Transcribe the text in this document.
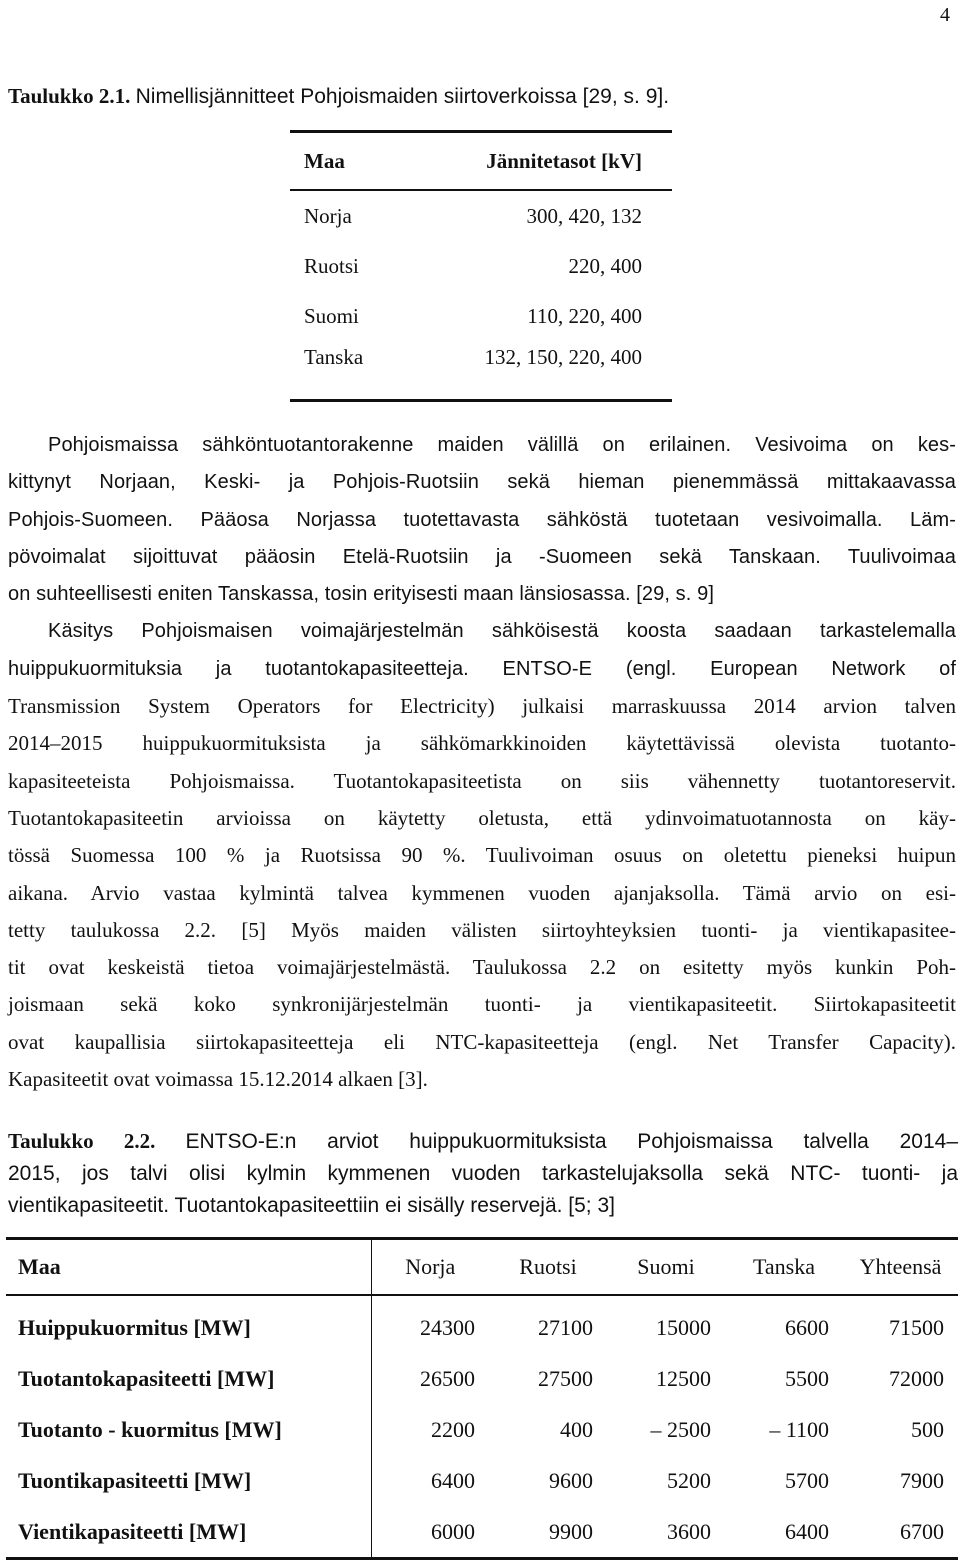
4
Taulukko 2.1. Nimellisjännitteet Pohjoismaiden siirtoverkoissa [29, s. 9].
Maa	Jännitetasot [kV]
Norja	300, 420, 132
Ruotsi	220, 400
Suomi	110, 220, 400
Tanska	132, 150, 220, 400
Pohjoismaissa sähköntuotantorakenne maiden välillä on erilainen. Vesivoima on kes-
kittynyt Norjaan, Keski- ja Pohjois-Ruotsiin sekä hieman pienemmässä mittakaavassa
Pohjois-Suomeen. Pääosa Norjassa tuotettavasta sähköstä tuotetaan vesivoimalla. Läm-
pövoimalat sijoittuvat pääosin Etelä-Ruotsiin ja -Suomeen sekä Tanskaan. Tuulivoimaa
on suhteellisesti eniten Tanskassa, tosin erityisesti maan länsiosassa. [29, s. 9]
Käsitys Pohjoismaisen voimajärjestelmän sähköisestä koosta saadaan tarkastelemalla
huippukuormituksia ja tuotantokapasiteetteja. ENTSO-E (engl. European Network of
Transmission System Operators for Electricity) julkaisi marraskuussa 2014 arvion talven
2014–2015 huippukuormituksista ja sähkömarkkinoiden käytettävissä olevista tuotanto-
kapasiteeteista Pohjoismaissa. Tuotantokapasiteetista on siis vähennetty tuotantoreservit.
Tuotantokapasiteetin arvioissa on käytetty oletusta, että ydinvoimatuotannosta on käy-
tössä Suomessa 100 % ja Ruotsissa 90 %. Tuulivoiman osuus on oletettu pieneksi huipun
aikana. Arvio vastaa kylmintä talvea kymmenen vuoden ajanjaksolla. Tämä arvio on esi-
tetty taulukossa 2.2. [5] Myös maiden välisten siirtoyhteyksien tuonti- ja vientikapasitee-
tit ovat keskeistä tietoa voimajärjestelmästä. Taulukossa 2.2 on esitetty myös kunkin Poh-
joismaan sekä koko synkronijärjestelmän tuonti- ja vientikapasiteetit. Siirtokapasiteetit
ovat kaupallisia siirtokapasiteetteja eli NTC-kapasiteetteja (engl. Net Transfer Capacity).
Kapasiteetit ovat voimassa 15.12.2014 alkaen [3].
Taulukko 2.2. ENTSO-E:n arviot huippukuormituksista Pohjoismaissa talvella 2014–
2015, jos talvi olisi kylmin kymmenen vuoden tarkastelujaksolla sekä NTC- tuonti- ja
vientikapasiteetit. Tuotantokapasiteettiin ei sisälly reservejä. [5; 3]
Maa	Norja	Ruotsi	Suomi	Tanska	Yhteensä
Huippukuormitus [MW]	24300	27100	15000	6600	71500
Tuotantokapasiteetti [MW]	26500	27500	12500	5500	72000
Tuotanto - kuormitus [MW]	2200	400	– 2500	– 1100	500
Tuontikapasiteetti [MW]	6400	9600	5200	5700	7900
Vientikapasiteetti [MW]	6000	9900	3600	6400	6700
